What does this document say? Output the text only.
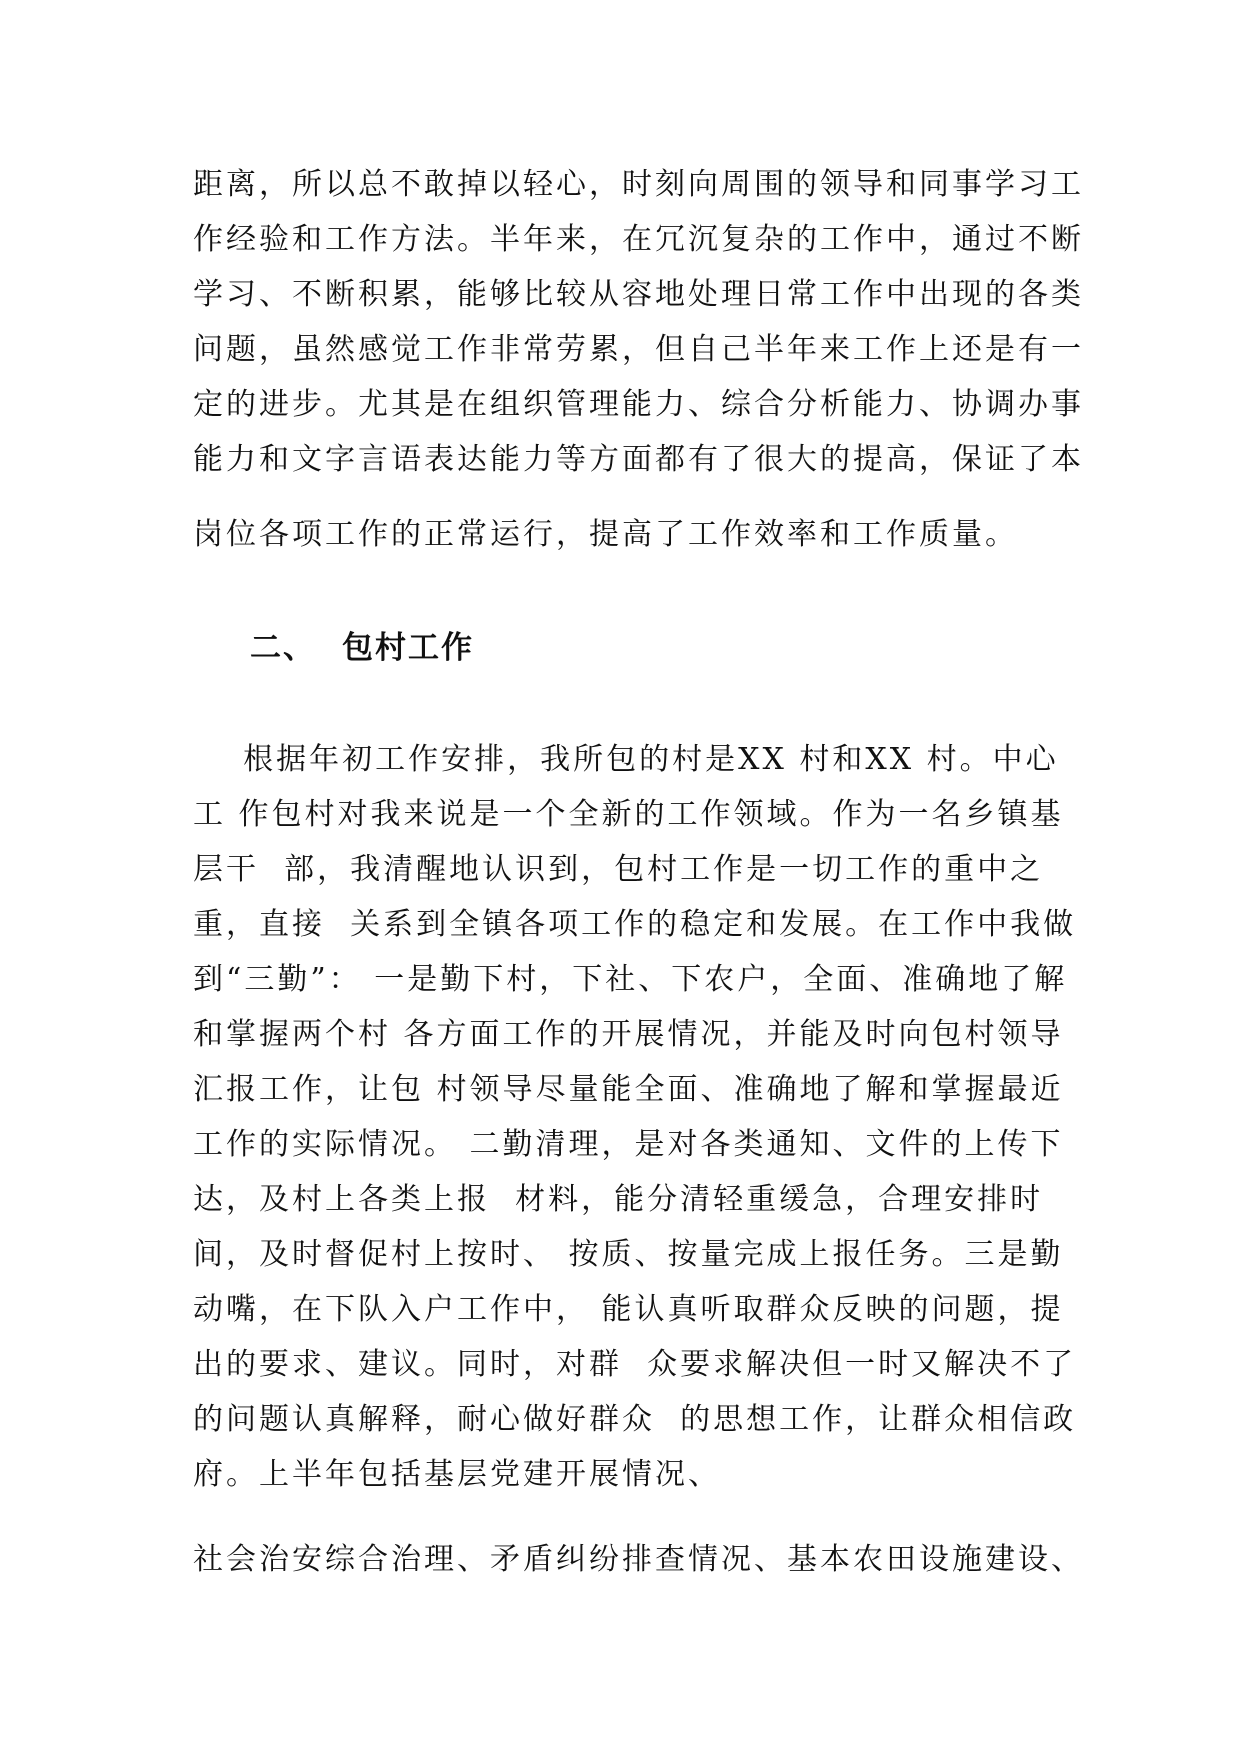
距离，所以总不敢掉以轻心，时刻向周围的领导和同事学习工

作经验和工作方法。半年来，在冗沉复杂的工作中，通过不断

学习、不断积累，能够比较从容地处理日常工作中出现的各类

问题，虽然感觉工作非常劳累，但自己半年来工作上还是有一

定的进步。尤其是在组织管理能力、综合分析能力、协调办事

能力和文字言语表达能力等方面都有了很大的提高，保证了本

岗位各项工作的正常运行，提高了工作效率和工作质量。

二、 包村工作

根据年初工作安排，我所包的村是XX 村和XX 村。中心

工 作包村对我来说是一个全新的工作领域。作为一名乡镇基

层干  部，我清醒地认识到，包村工作是一切工作的重中之

重，直接  关系到全镇各项工作的稳定和发展。在工作中我做

到“三勤”： 一是勤下村，下社、下农户，全面、准确地了解

和掌握两个村 各方面工作的开展情况，并能及时向包村领导

汇报工作，让包 村领导尽量能全面、准确地了解和掌握最近

工作的实际情况。 二勤清理，是对各类通知、文件的上传下

达，及村上各类上报  材料，能分清轻重缓急，合理安排时

间，及时督促村上按时、 按质、按量完成上报任务。三是勤

动嘴，在下队入户工作中， 能认真听取群众反映的问题，提

出的要求、建议。同时，对群  众要求解决但一时又解决不了

的问题认真解释，耐心做好群众  的思想工作，让群众相信政

府。上半年包括基层党建开展情况、

社会治安综合治理、矛盾纠纷排查情况、基本农田设施建设、
